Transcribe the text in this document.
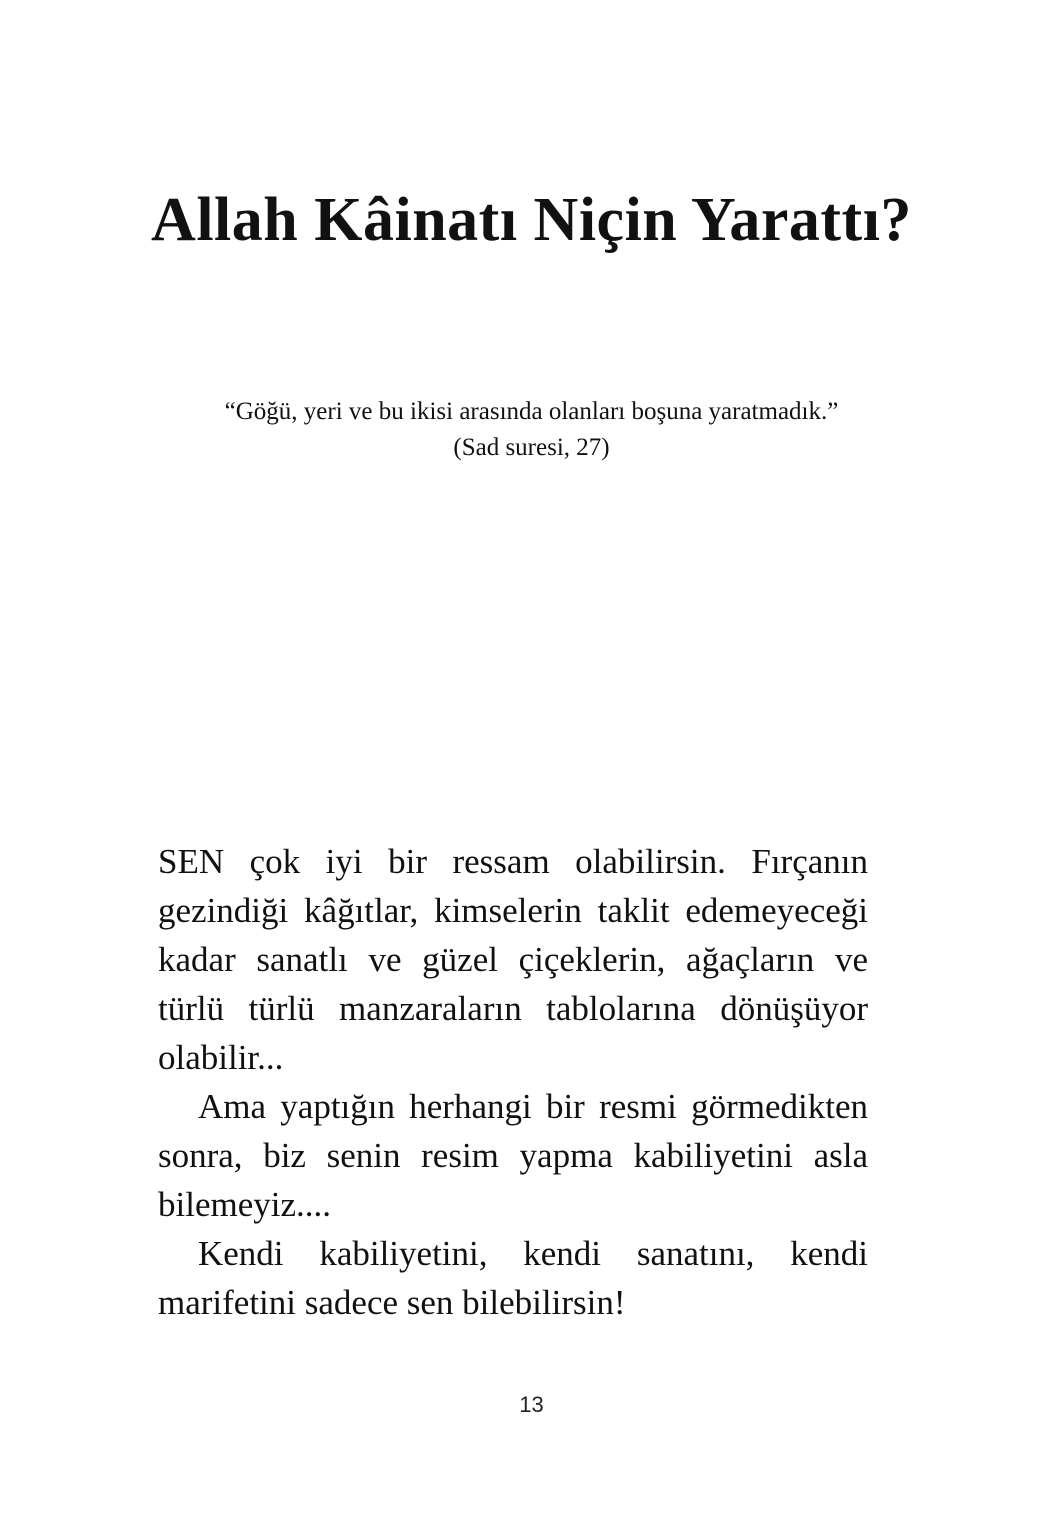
Allah Kâinatı Niçin Yarattı?
“Göğü, yeri ve bu ikisi arasında olanları boşuna yaratmadık.”
(Sad suresi, 27)

SEN çok iyi bir ressam olabilirsin. Fırçanın gezindiği kâğıtlar, kimselerin taklit edemeyeceği kadar sanatlı ve güzel çiçeklerin, ağaçların ve türlü türlü manzaraların tablolarına dönüşüyor olabilir...

Ama yaptığın herhangi bir resmi görmedikten sonra, biz senin resim yapma kabiliyetini asla bilemeyiz....

Kendi kabiliyetini, kendi sanatını, kendi marifetini sadece sen bilebilirsin!

13
